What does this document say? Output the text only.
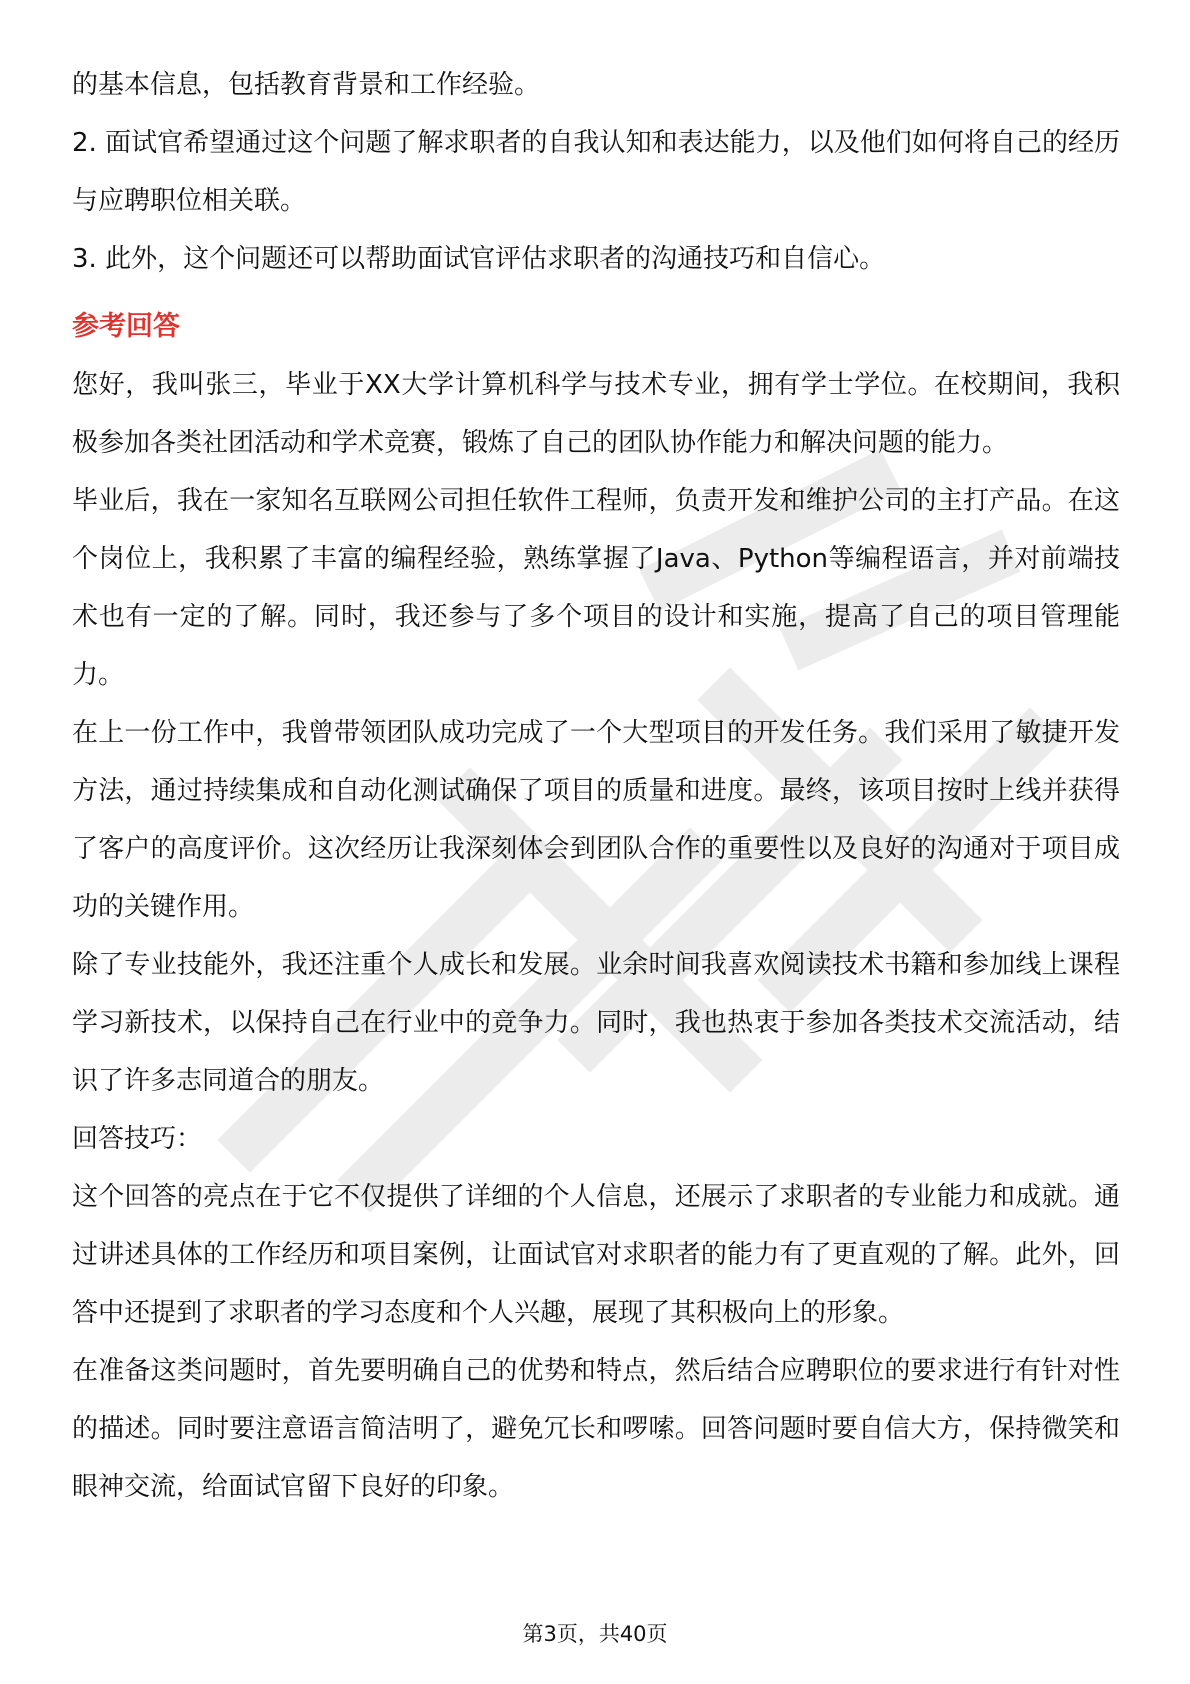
的基本信息，包括教育背景和工作经验。

2. 面试官希望通过这个问题了解求职者的自我认知和表达能力，以及他们如何将自己的经历与应聘职位相关联。

3. 此外，这个问题还可以帮助面试官评估求职者的沟通技巧和自信心。

参考回答

您好，我叫张三，毕业于XX大学计算机科学与技术专业，拥有学士学位。在校期间，我积极参加各类社团活动和学术竞赛，锻炼了自己的团队协作能力和解决问题的能力。

毕业后，我在一家知名互联网公司担任软件工程师，负责开发和维护公司的主打产品。在这个岗位上，我积累了丰富的编程经验，熟练掌握了Java、Python等编程语言，并对前端技术也有一定的了解。同时，我还参与了多个项目的设计和实施，提高了自己的项目管理能力。

在上一份工作中，我曾带领团队成功完成了一个大型项目的开发任务。我们采用了敏捷开发方法，通过持续集成和自动化测试确保了项目的质量和进度。最终，该项目按时上线并获得了客户的高度评价。这次经历让我深刻体会到团队合作的重要性以及良好的沟通对于项目成功的关键作用。

除了专业技能外，我还注重个人成长和发展。业余时间我喜欢阅读技术书籍和参加线上课程学习新技术，以保持自己在行业中的竞争力。同时，我也热衷于参加各类技术交流活动，结识了许多志同道合的朋友。

回答技巧：

这个回答的亮点在于它不仅提供了详细的个人信息，还展示了求职者的专业能力和成就。通过讲述具体的工作经历和项目案例，让面试官对求职者的能力有了更直观的了解。此外，回答中还提到了求职者的学习态度和个人兴趣，展现了其积极向上的形象。

在准备这类问题时，首先要明确自己的优势和特点，然后结合应聘职位的要求进行有针对性的描述。同时要注意语言简洁明了，避免冗长和啰嗦。回答问题时要自信大方，保持微笑和眼神交流，给面试官留下良好的印象。

第3页，共40页
